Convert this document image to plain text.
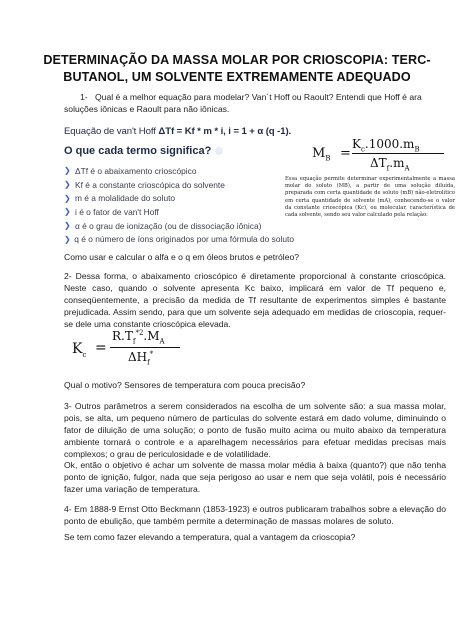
DETERMINAÇÃO DA MASSA MOLAR POR CRIOSCOPIA: TERC-BUTANOL, UM SOLVENTE EXTREMAMENTE ADEQUADO
1- Qual é a melhor equação para modelar? Van´t Hoff ou Raoult? Entendi que Hoff é ara
soluções iônicas e Raoult para não iônicas.
Equação de van't Hoff ΔTf = Kf * m * i, i = 1 + α (q -1).
O que cada termo significa?
❯ ΔTf é o abaixamento crioscópico
❯ Kf é a constante crioscópica do solvente
❯ m é a molalidade do soluto
❯ i é o fator de van't Hoff
❯ α é o grau de ionização (ou de dissociação iônica)
❯ q é o número de íons originados por uma fórmula do soluto
$M_B$ =
$K_c.1000.m_B$
$\Delta T_f.m_A$
Essa equação permite determinar experimentalmente a massa molar do soluto (MB), a partir de uma solução diluída, preparada com certa quantidade de soluto (mB) não-eletrolítico em certa quantidade de solvente (mA), conhecendo-se o valor da constante crioscópica (Kc), ou molecular, característica de cada solvente, sendo seu valor calculado pela relação:
Como usar e calcular o alfa e o q em óleos brutos e petróleo?
2- Dessa forma, o abaixamento crioscópico é diretamente proporcional à constante crioscópica. Neste caso, quando o solvente apresenta Kc baixo, implicará em valor de Tf pequeno e, conseqüentemente, a precisão da medida de Tf resultante de experimentos simples é bastante prejudicada. Assim sendo, para que um solvente seja adequado em medidas de crioscopia, requer-se dele uma constante crioscópica elevada.
$K_c$ =
$R.T_f^{*2}.M_A$
$\Delta H_f^*$
Qual o motivo? Sensores de temperatura com pouca precisão?
3- Outros parâmetros a serem considerados na escolha de um solvente são: a sua massa molar, pois, se alta, um pequeno número de partículas do solvente estará em dado volume, diminuindo o fator de diluição de uma solução; o ponto de fusão muito acima ou muito abaixo da temperatura ambiente tornará o controle e a aparelhagem necessários para efetuar medidas precisas mais complexos; o grau de periculosidade e de volatilidade.
Ok, então o objetivo é achar um solvente de massa molar média à baixa (quanto?) que não tenha ponto de ignição, fulgor, nada que seja perigoso ao usar e nem que seja volátil, pois é necessário fazer uma variação de temperatura.
4- Em 1888-9 Ernst Otto Beckmann (1853-1923) e outros publicaram trabalhos sobre a elevação do ponto de ebulição, que também permite a determinação de massas molares de soluto.
Se tem como fazer elevando a temperatura, qual a vantagem da crioscopia?
